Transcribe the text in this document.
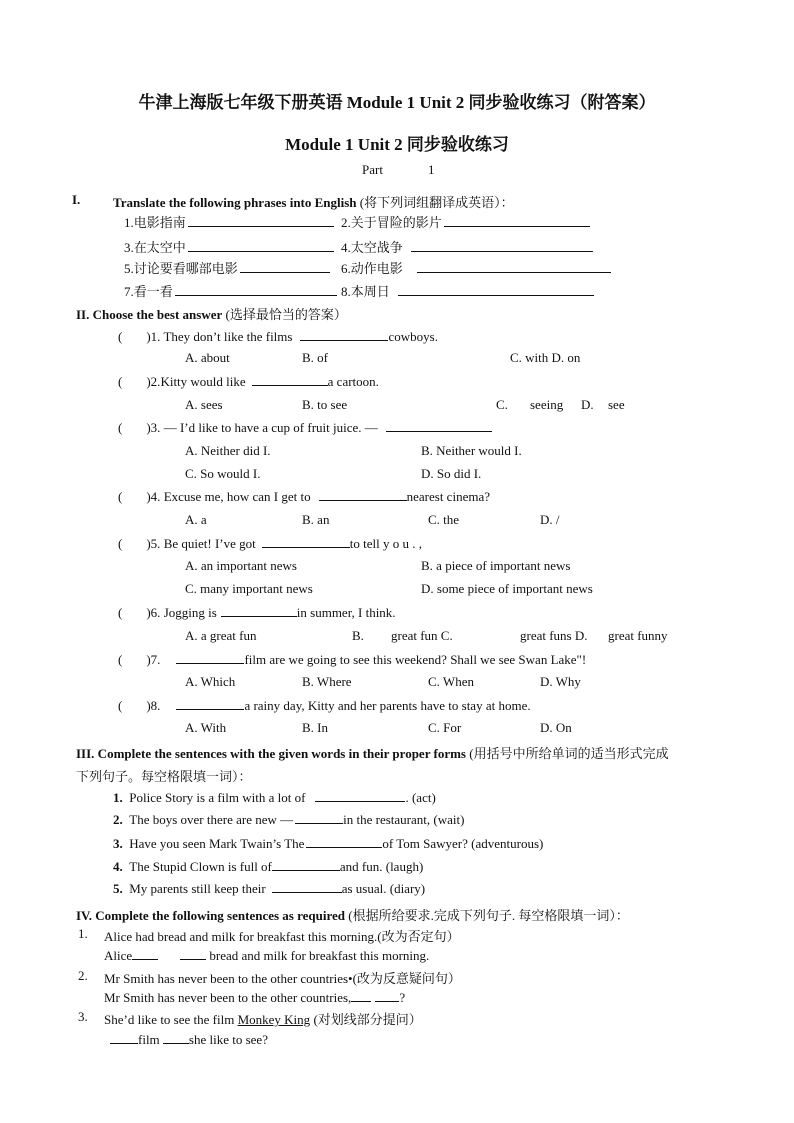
牛津上海版七年级下册英语 Module 1 Unit 2 同步验收练习（附答案）
Module 1 Unit 2 同步验收练习
Part	1
I.	Translate the following phrases into English (将下列词组翻译成英语）：
1.电影指南	2.关于冒险的影片
3.在太空中	4.太空战争
5.讨论要看哪部电影	6.动作电影
7.看一看	8.本周日
II. Choose the best answer (选择最恰当的答案）
( )1. They don’t like the films	cowboys.
A. about	B. of	C. with D. on
( )2.Kitty would like	a cartoon.
A. sees	B. to see	C. seeing D. see
( )3. — I’d like to have a cup of fruit juice. —
A. Neither did I.	B. Neither would I.
C. So would I.	D. So did I.
( )4. Excuse me, how can I get to	nearest cinema?
A. a	B. an	C. the	D. /
( )5. Be quiet! I’ve got	to tell y o u . ,
A. an important news	B. a piece of important news
C. many important news	D. some piece of important news
( )6. Jogging is	in summer, I think.
A. a great fun	B. great fun C.	great funs D. great funny
( )7.	film are we going to see this weekend? Shall we see Swan Lake"!
A. Which	B. Where	C. When	D. Why
( )8.	a rainy day, Kitty and her parents have to stay at home.
A. With	B. In	C. For	D. On
III. Complete the sentences with the given words in their proper forms (用括号中所给单词的适当形式完成
下列句子。每空格限填一词）：
1. Police Story is a film with a lot of	. (act)
2. The boys over there are new —	in the restaurant, (wait)
3. Have you seen Mark Twain’s The	of Tom Sawyer? (adventurous)
4. The Stupid Clown is full of	and fun. (laugh)
5. My parents still keep their	as usual. (diary)
IV. Complete the following sentences as required (根据所给要求.完成下列句子. 每空格限填一词）：
1. Alice had bread and milk for breakfast this morning.(改为否定句）
Alice	bread and milk for breakfast this morning.
2. Mr Smith has never been to the other countries•(改为反意疑问句）
Mr Smith has never been to the other countries,	?
3. She’d like to see the film Monkey King (对划线部分提问）
film she like to see?
